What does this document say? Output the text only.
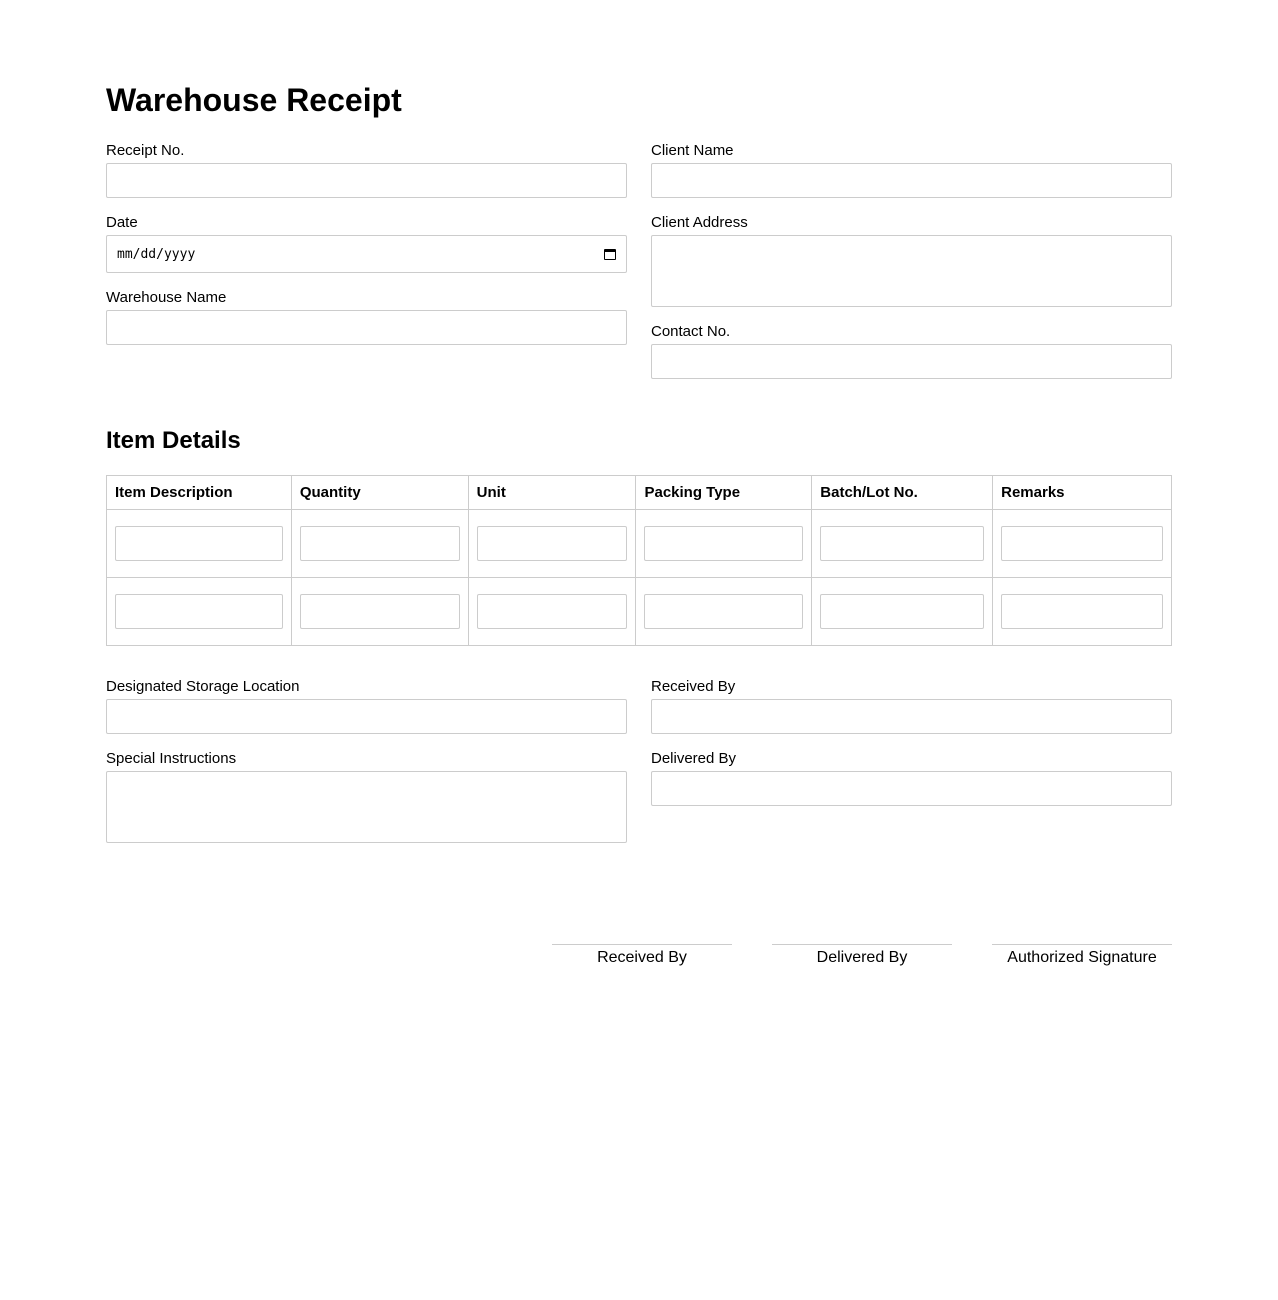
Warehouse Receipt
Receipt No.
Date
mm/dd/yyyy
Warehouse Name
Client Name
Client Address
Contact No.
Item Details
Item Description	Quantity	Unit	Packing Type	Batch/Lot No.	Remarks

Designated Storage Location
Special Instructions
Received By
Delivered By
Received By	Delivered By	Authorized Signature
